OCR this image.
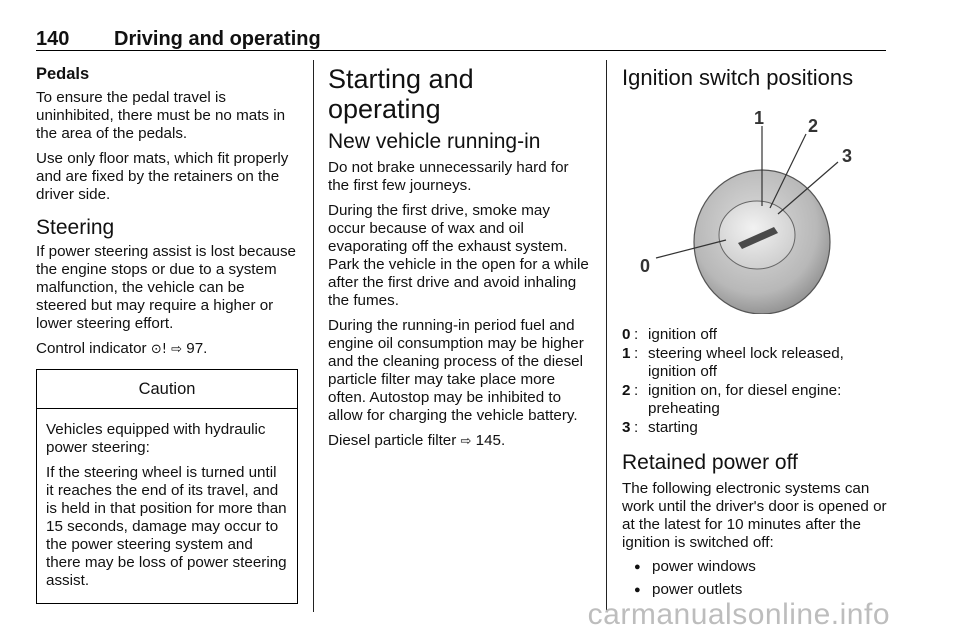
140 Driving and operating
Pedals

To ensure the pedal travel is uninhibited, there must be no mats in the area of the pedals.

Use only floor mats, which fit properly and are fixed by the retainers on the driver side.

Steering

If power steering assist is lost because the engine stops or due to a system malfunction, the vehicle can be steered but may require a higher or lower steering effort.

Control indicator ⊙! ⇨ 97.

Caution

Vehicles equipped with hydraulic power steering:

If the steering wheel is turned until it reaches the end of its travel, and is held in that position for more than 15 seconds, damage may occur to the power steering system and there may be loss of power steering assist.

Starting and operating
New vehicle running-in

Do not brake unnecessarily hard for the first few journeys.

During the first drive, smoke may occur because of wax and oil evaporating off the exhaust system. Park the vehicle in the open for a while after the first drive and avoid inhaling the fumes.

During the running-in period fuel and engine oil consumption may be higher and the cleaning process of the diesel particle filter may take place more often. Autostop may be inhibited to allow for charging the vehicle battery.

Diesel particle filter ⇨ 145.

Ignition switch positions
1 2
3
0
0 : ignition off
1 : steering wheel lock released, ignition off
2 : ignition on, for diesel engine: preheating
3 : starting
Retained power off

The following electronic systems can work until the driver's door is opened or at the latest for 10 minutes after the ignition is switched off:

● power windows
● power outlets
carmanualsonline.info
